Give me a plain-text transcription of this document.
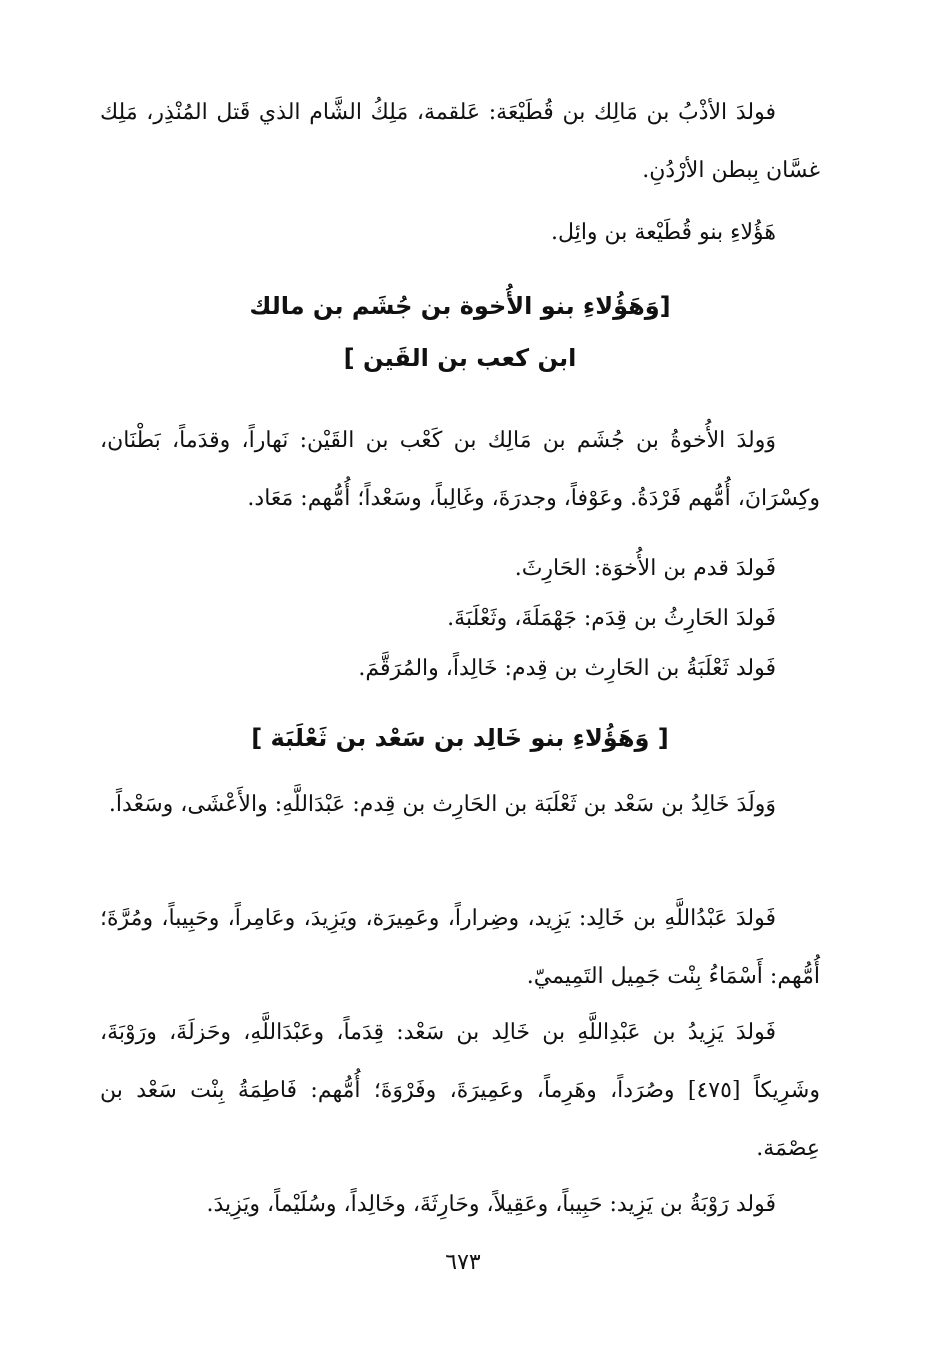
فولدَ الأذْبُ بن مَالِك بن قُطَيْعَة: عَلقمة، مَلِكُ الشَّام الذي قَتل المُنْذِر، مَلِك غسَّان بِبطن الأرْدُنِ.

هَؤُلاءِ بنو قُطَيْعة بن وائِل.

[وَهَؤُلاءِ بنو الأُخوة بن جُشَم بن مالك
ابن كعب بن القَين ]

وَولدَ الأُخوةُ بن جُشَم بن مَالِك بن كَعْب بن القَيْن: نَهاراً، وقدَماً، بَطْنَان، وكِسْرَانَ، أُمُّهم فَرْدَةُ. وعَوْفاً، وجدرَةَ، وغَالِباً، وسَعْداً؛ أُمُّهم: مَعَاد.

فَولدَ قدم بن الأُخوَة: الحَارِثَ.

فَولدَ الحَارِثُ بن قِدَم: جَهْمَلَةَ، وثَعْلَبَةَ.

فَولد ثَعْلَبَةُ بن الحَارِث بن قِدم: خَالِداً، والمُرَقَّمَ.

[ وَهَؤُلاءِ بنو خَالِد بن سَعْد بن ثَعْلَبَة ]

وَولَدَ خَالِدُ بن سَعْد بن ثَعْلَبَة بن الحَارِث بن قِدم: عَبْدَاللَّهِ: والأَعْشَى، وسَعْداً.

فَولدَ عَبْدُاللَّهِ بن خَالِد: يَزِيد، وضِراراً، وعَمِيرَة، ويَزِيدَ، وعَامِراً، وحَبِيباً، ومُرَّةَ؛ أُمُّهم: أَسْمَاءُ بِنْت جَمِيل التَمِيميّ.

فَولدَ يَزِيدُ بن عَبْدِاللَّهِ بن خَالِد بن سَعْد: قِدَماً، وعَبْدَاللَّهِ، وحَزلَةَ، ورَوْبَةَ، وشَرِيكاً [٤٧٥] وصُرَداً، وهَرِماً، وعَمِيرَةَ، وفَرْوَةَ؛ أُمُّهم: فَاطِمَةُ بِنْت سَعْد بن عِصْمَة.

فَولد رَوْبَةُ بن يَزِيد: حَبِيباً، وعَقِيلاً، وحَارِثَةَ، وخَالِداً، وسُلَيْماً، ويَزِيدَ.

٦٧٣
